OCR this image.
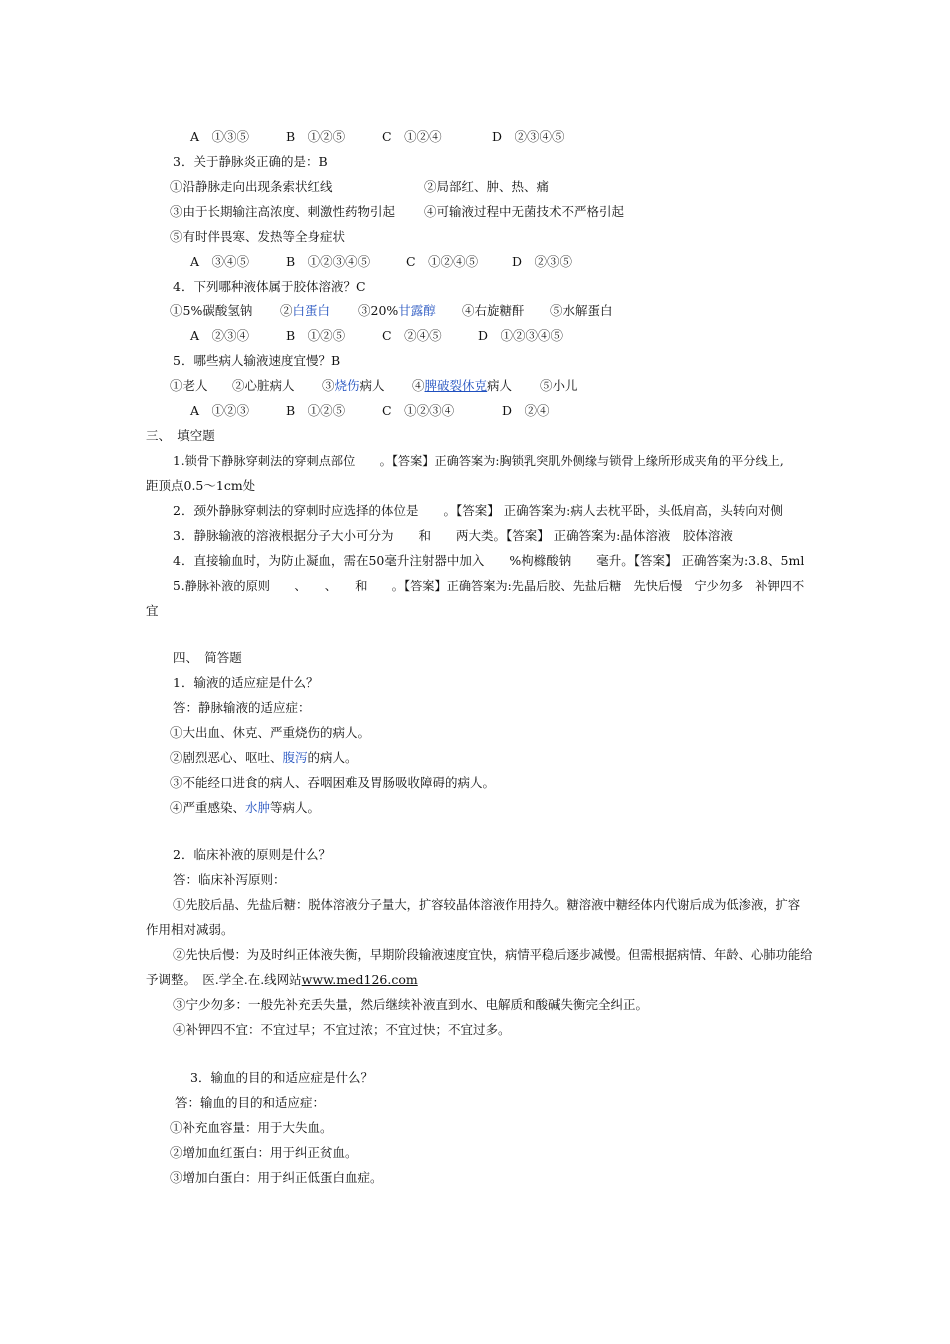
A　①③⑤	B　①②⑤	C　①②④	D　②③④⑤
3．关于静脉炎正确的是：B
①沿静脉走向出现条索状红线	②局部红、肿、热、痛
③由于长期输注高浓度、刺激性药物引起 ④可输液过程中无菌技术不严格引起
⑤有时伴畏寒、发热等全身症状
A　③④⑤	B　①②③④⑤	C　①②④⑤	D　②③⑤
4．下列哪种液体属于胶体溶液？C
①5%碳酸氢钠 ②白蛋白 ③20%甘露醇 ④右旋糖酐 ⑤水解蛋白
A　②③④	B　①②⑤	C　②④⑤	D　①②③④⑤
5．哪些病人输液速度宜慢？B
①老人 ②心脏病人 ③烧伤病人 ④脾破裂休克病人 ⑤小儿
A　①②③	B　①②⑤	C　①②③④	D　②④
三、　填空题
1.锁骨下静脉穿刺法的穿刺点部位　　。【答案】正确答案为:胸锁乳突肌外侧缘与锁骨上缘所形成夹角的平分线上,
距顶点0.5～1cm处
2．颈外静脉穿刺法的穿刺时应选择的体位是　　。【答案】 正确答案为:病人去枕平卧，头低肩高，头转向对侧
3．静脉输液的溶液根据分子大小可分为　　和　　两大类。【答案】 正确答案为:晶体溶液　胶体溶液
4．直接输血时，为防止凝血，需在50毫升注射器中加入　　%枸橼酸钠　　毫升。【答案】 正确答案为:3.8、5ml
5.静脉补液的原则　　、　　、　　和　　。【答案】正确答案为:先晶后胶、先盐后糖　先快后慢　宁少勿多　补钾四不
宜
四、　简答题
1．输液的适应症是什么？
答：静脉输液的适应症：
①大出血、休克、严重烧伤的病人。
②剧烈恶心、呕吐、腹泻的病人。
③不能经口进食的病人、吞咽困难及胃肠吸收障碍的病人。
④严重感染、水肿等病人。
2．临床补液的原则是什么？
答：临床补泻原则：
①先胶后晶、先盐后糖：脱体溶液分子量大，扩容较晶体溶液作用持久。糖溶液中糖经体内代谢后成为低渗液，扩容
作用相对减弱。
②先快后慢：为及时纠正体液失衡，早期阶段输液速度宜快，病情平稳后逐步减慢。但需根据病情、年龄、心肺功能给
予调整。　医.学全.在.线网站www.med126.com
③宁少勿多：一般先补充丢失量，然后继续补液直到水、电解质和酸碱失衡完全纠正。
④补钾四不宜：不宜过早；不宜过浓；不宜过快；不宜过多。
3．输血的目的和适应症是什么？
答：输血的目的和适应症：
①补充血容量：用于大失血。
②增加血红蛋白：用于纠正贫血。
③增加白蛋白：用于纠正低蛋白血症。
